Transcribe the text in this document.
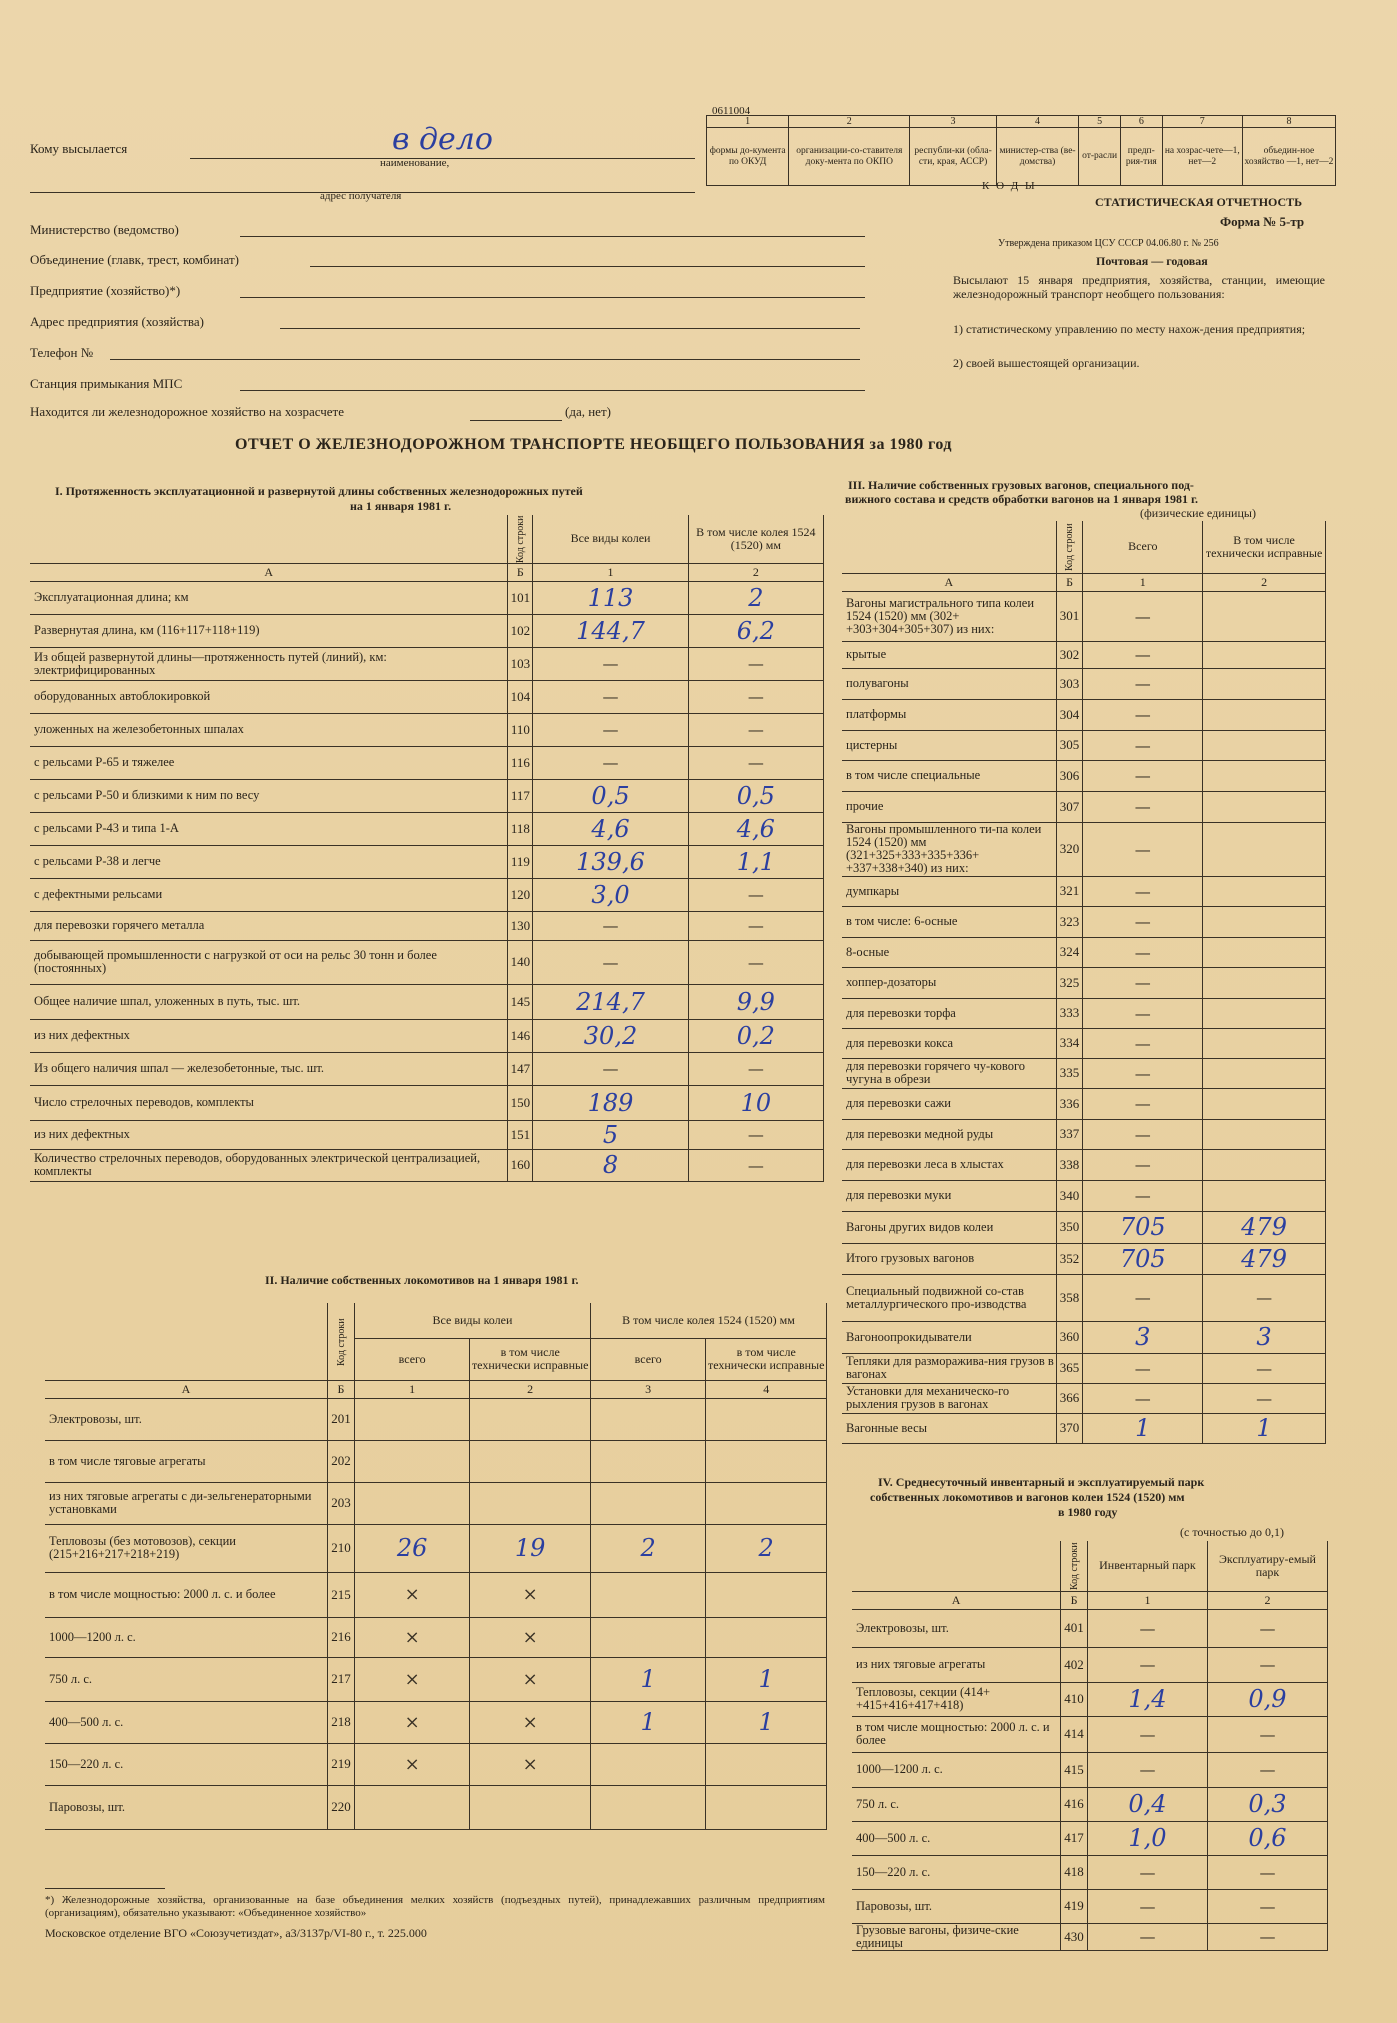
Кому высылается	в дело
наименование,
адрес получателя
0611004
1	2	3	4	5	6	7	8
формы до-кумента по ОКУД	организации-со-ставителя доку-мента по ОКПО	республи-ки (обла-сти, края, АССР)	министер-ства (ве-домства)	от-расли	предп-рия-тия	на хозрас-чете—1, нет—2	объедин-ное хозяйство —1, нет—2
К О Д Ы
СТАТИСТИЧЕСКАЯ ОТЧЕТНОСТЬ
Форма № 5-тр
Утверждена приказом ЦСУ СССР 04.06.80 г. № 256
Почтовая — годовая
Высылают 15 января предприятия, хозяйства, станции, имеющие железнодорожный транспорт необщего пользования:
1) статистическому управлению по месту нахож-дения предприятия;
2) своей вышестоящей организации.
Министерство (ведомство)
Объединение (главк, трест, комбинат)
Предприятие (хозяйство)*)
Адрес предприятия (хозяйства)
Телефон №
Станция примыкания МПС
Находится ли железнодорожное хозяйство на хозрасчете	(да, нет)
ОТЧЕТ О ЖЕЛЕЗНОДОРОЖНОМ ТРАНСПОРТЕ НЕОБЩЕГО ПОЛЬЗОВАНИЯ за 1980 год
I. Протяженность эксплуатационной и развернутой длины собственных железнодорожных путей
на 1 января 1981 г.
	Код строки	Все виды колеи	В том числе колея 1524 (1520) мм
А	Б	1	2
Эксплуатационная длина; км	101	113	2
Развернутая длина, км (116+117+118+119)	102	144,7	6,2
Из общей развернутой длины—протяженность путей (линий), км: электрифицированных	103	—	—
оборудованных автоблокировкой	104	—	—
уложенных на железобетонных шпалах	110	—	—
с рельсами Р-65 и тяжелее	116	—	—
с рельсами Р-50 и близкими к ним по весу	117	0,5	0,5
с рельсами Р-43 и типа 1-А	118	4,6	4,6
с рельсами Р-38 и легче	119	139,6	1,1
с дефектными рельсами	120	3,0	—
для перевозки горячего металла	130	—	—
добывающей промышленности с нагрузкой от оси на рельс 30 тонн и более (постоянных)	140	—	—
Общее наличие шпал, уложенных в путь, тыс. шт.	145	214,7	9,9
из них дефектных	146	30,2	0,2
Из общего наличия шпал — железобетонные, тыс. шт.	147	—	—
Число стрелочных переводов, комплекты	150	189	10
из них дефектных	151	5	—
Количество стрелочных переводов, оборудованных электрической централизацией, комплекты	160	8	—
II. Наличие собственных локомотивов на 1 января 1981 г.
	Код строки	Все виды колеи		В том числе колея 1524 (1520) мм	
		всего	в том числе технически исправные	всего	в том числе технически исправные
А	Б	1	2	3	4
Электровозы, шт.	201				
в том числе тяговые агрегаты	202				
из них тяговые агрегаты с ди-зельгенераторными установками	203				
Тепловозы (без мотовозов), секции (215+216+217+218+219)	210	26	19	2	2
в том числе мощностью: 2000 л. с. и более	215	×	×		
1000—1200 л. с.	216	×	×		
750 л. с.	217	×	×	1	1
400—500 л. с.	218	×	×	1	1
150—220 л. с.	219	×	×		
Паровозы, шт.	220				
III. Наличие собственных грузовых вагонов, специального под-
вижного состава и средств обработки вагонов на 1 января 1981 г.
(физические единицы)
	Код строки	Всего	В том числе технически исправные
А	Б	1	2
Вагоны магистрального типа колеи 1524 (1520) мм (302+ +303+304+305+307) из них:	301	—	
крытые	302	—	
полувагоны	303	—	
платформы	304	—	
цистерны	305	—	
в том числе специальные	306	—	
прочие	307	—	
Вагоны промышленного ти-па колеи 1524 (1520) мм (321+325+333+335+336+ +337+338+340) из них:	320	—	
думпкары	321	—	
в том числе: 6-осные	323	—	
8-осные	324	—	
хоппер-дозаторы	325	—	
для перевозки торфа	333	—	
для перевозки кокса	334	—	
для перевозки горячего чу-кового чугуна в обрези	335	—	
для перевозки сажи	336	—	
для перевозки медной руды	337	—	
для перевозки леса в хлыстах	338	—	
для перевозки муки	340	—	
Вагоны других видов колеи	350	705	479
Итого грузовых вагонов	352	705	479
Специальный подвижной со-став металлургического про-изводства	358	—	—
Вагоноопрокидыватели	360	3	3
Тепляки для разморажива-ния грузов в вагонах	365	—	—
Установки для механическо-го рыхления грузов в вагонах	366	—	—
Вагонные весы	370	1	1
IV. Среднесуточный инвентарный и эксплуатируемый парк
собственных локомотивов и вагонов колеи 1524 (1520) мм
в 1980 году
(с точностью до 0,1)
	Код строки	Инвентарный парк	Эксплуатиру-емый парк
А	Б	1	2
Электровозы, шт.	401	—	—
из них тяговые агрегаты	402	—	—
Тепловозы, секции (414+ +415+416+417+418)	410	1,4	0,9
в том числе мощностью: 2000 л. с. и более	414	—	—
1000—1200 л. с.	415	—	—
750 л. с.	416	0,4	0,3
400—500 л. с.	417	1,0	0,6
150—220 л. с.	418	—	—
Паровозы, шт.	419	—	—
Грузовые вагоны, физиче-ские единицы	430	—	—
*) Железнодорожные хозяйства, организованные на базе объединения мелких хозяйств (подъездных путей), принадлежавших различным предприятиям (организациям), обязательно указывают: «Объединенное хозяйство»
Московское отделение ВГО «Союзучетиздат», а3/3137р/VI-80 г., т. 225.000
